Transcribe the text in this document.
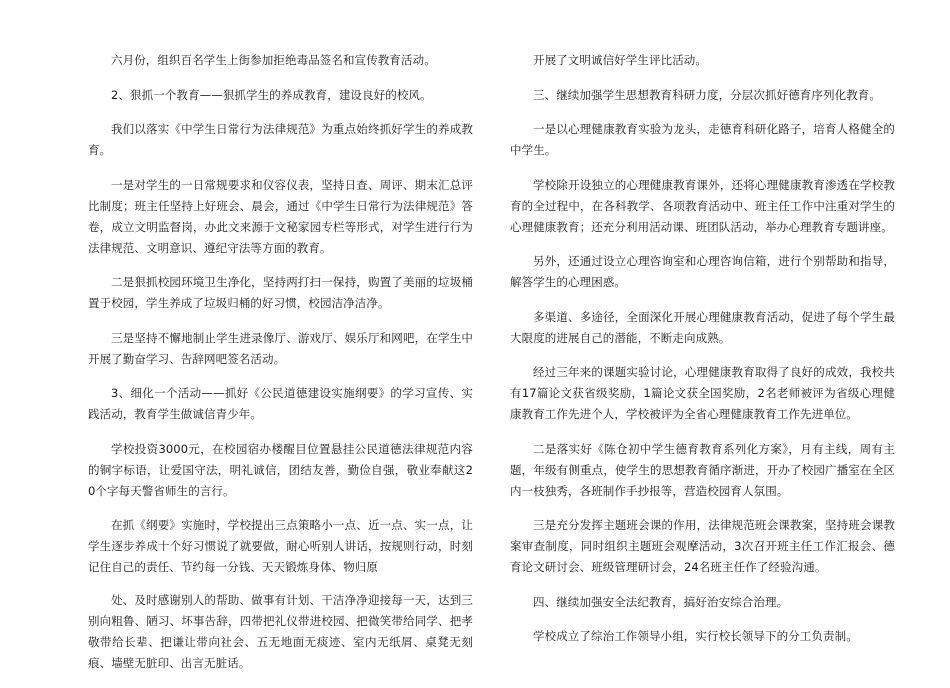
六月份，组织百名学生上街参加拒绝毒品签名和宣传教育活动。

2、狠抓一个教育——狠抓学生的养成教育，建设良好的校风。

我们以落实《中学生日常行为法律规范》为重点始终抓好学生的养成教育。

一是对学生的一日常规要求和仪容仪表，坚持日查、周评、期末汇总评比制度；班主任坚持上好班会、晨会，通过《中学生日常行为法律规范》答卷，成立文明监督岗，办此文来源于文秘家园专栏等形式，对学生进行行为法律规范、文明意识、遵纪守法等方面的教育。

二是狠抓校园环境卫生净化，坚持两打扫一保持，购置了美丽的垃圾桶置于校园，学生养成了垃圾归桶的好习惯，校园洁净洁净。

三是坚持不懈地制止学生进录像厅、游戏厅、娱乐厅和网吧，在学生中开展了勤奋学习、告辞网吧签名活动。

3、细化一个活动——抓好《公民道德建设实施纲要》的学习宣传、实践活动，教育学生做诚信青少年。

学校投资3000元，在校园宿办楼醒目位置悬挂公民道德法律规范内容的铜字标语，让爱国守法，明礼诚信，团结友善，勤俭自强，敬业奉献这20个字每天警省师生的言行。

在抓《纲要》实施时，学校提出三点策略小一点、近一点、实一点，让学生逐步养成十个好习惯说了就要做，耐心听别人讲话，按规则行动，时刻记住自己的责任、节约每一分钱、天天锻炼身体、物归原

处、及时感谢别人的帮助、做事有计划、干洁净净迎接每一天，达到三别向粗鲁、陋习、坏事告辞，四带把礼仪带进校园、把微笑带给同学、把孝敬带给长辈、把谦让带向社会、五无地面无痰迹、室内无纸屑、桌凳无刻痕、墙壁无脏印、出言无脏话。

开展了文明诚信好学生评比活动。

三、继续加强学生思想教育科研力度，分层次抓好德育序列化教育。

一是以心理健康教育实验为龙头，走德育科研化路子，培育人格健全的中学生。

学校除开设独立的心理健康教育课外，还将心理健康教育渗透在学校教育的全过程中，在各科教学、各项教育活动中、班主任工作中注重对学生的心理健康教育；还充分利用活动课、班团队活动，举办心理教育专题讲座。

另外，还通过设立心理咨询室和心理咨询信箱，进行个别帮助和指导，解答学生的心理困惑。

多渠道、多途径，全面深化开展心理健康教育活动，促进了每个学生最大限度的进展自己的潜能，不断走向成熟。

经过三年来的课题实验讨论，心理健康教育取得了良好的成效，我校共有17篇论文获省级奖励，1篇论文获全国奖励，2名老师被评为省级心理健康教育工作先进个人，学校被评为全省心理健康教育工作先进单位。

二是落实好《陈仓初中学生德育教育系列化方案》，月有主线，周有主题，年级有侧重点，使学生的思想教育循序渐进，开办了校园广播室在全区内一枝独秀，各班制作手抄报等，营造校园育人氛围。

三是充分发挥主题班会课的作用，法律规范班会课教案，坚持班会课教案审查制度，同时组织主题班会观摩活动，3次召开班主任工作汇报会、德育论文研讨会、班级管理研讨会，24名班主任作了经验沟通。

四、继续加强安全法纪教育，搞好治安综合治理。

学校成立了综治工作领导小组，实行校长领导下的分工负责制。
